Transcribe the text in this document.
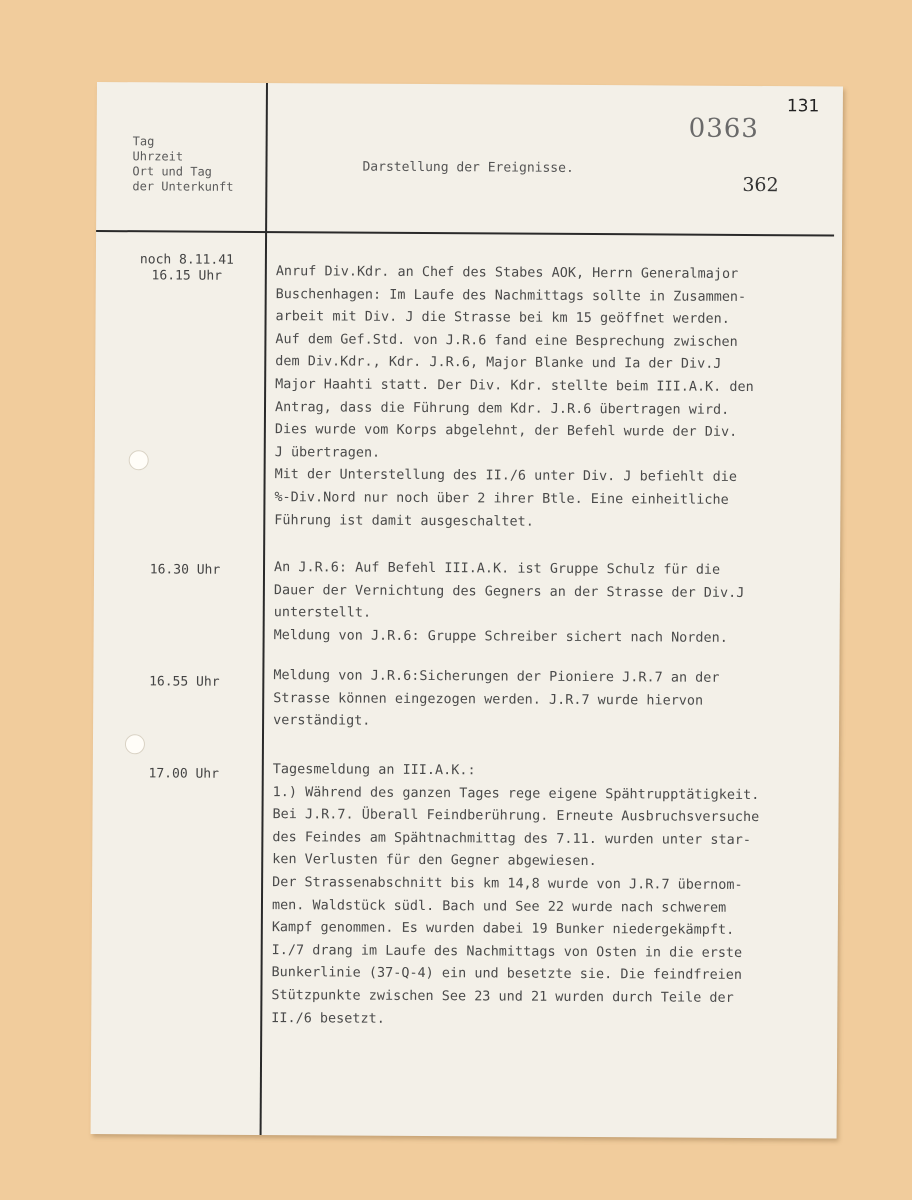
Tag
Uhrzeit
Ort und Tag
der Unterkunft
Darstellung der Ereignisse.
0363
131
362
noch 8.11.41
16.15 Uhr	Anruf Div.Kdr. an Chef des Stabes AOK, Herrn Generalmajor
Buschenhagen: Im Laufe des Nachmittags sollte in Zusammen-
arbeit mit Div. J die Strasse bei km 15 geöffnet werden.
Auf dem Gef.Std. von J.R.6 fand eine Besprechung zwischen
dem Div.Kdr., Kdr. J.R.6, Major Blanke und Ia der Div.J
Major Haahti statt. Der Div. Kdr. stellte beim III.A.K. den
Antrag, dass die Führung dem Kdr. J.R.6 übertragen wird.
Dies wurde vom Korps abgelehnt, der Befehl wurde der Div.
J übertragen.
Mit der Unterstellung des II./6 unter Div. J befiehlt die
%-Div.Nord nur noch über 2 ihrer Btle. Eine einheitliche
Führung ist damit ausgeschaltet.
16.30 Uhr	An J.R.6: Auf Befehl III.A.K. ist Gruppe Schulz für die
Dauer der Vernichtung des Gegners an der Strasse der Div.J
unterstellt.
Meldung von J.R.6: Gruppe Schreiber sichert nach Norden.
16.55 Uhr	Meldung von J.R.6:Sicherungen der Pioniere J.R.7 an der
Strasse können eingezogen werden. J.R.7 wurde hiervon
verständigt.
17.00 Uhr	Tagesmeldung an III.A.K.:
1.) Während des ganzen Tages rege eigene Spähtrupptätigkeit.
Bei J.R.7. Überall Feindberührung. Erneute Ausbruchsversuche
des Feindes am Spähtnachmittag des 7.11. wurden unter star-
ken Verlusten für den Gegner abgewiesen.
Der Strassenabschnitt bis km 14,8 wurde von J.R.7 übernom-
men. Waldstück südl. Bach und See 22 wurde nach schwerem
Kampf genommen. Es wurden dabei 19 Bunker niedergekämpft.
I./7 drang im Laufe des Nachmittags von Osten in die erste
Bunkerlinie (37-Q-4) ein und besetzte sie. Die feindfreien
Stützpunkte zwischen See 23 und 21 wurden durch Teile der
II./6 besetzt.
